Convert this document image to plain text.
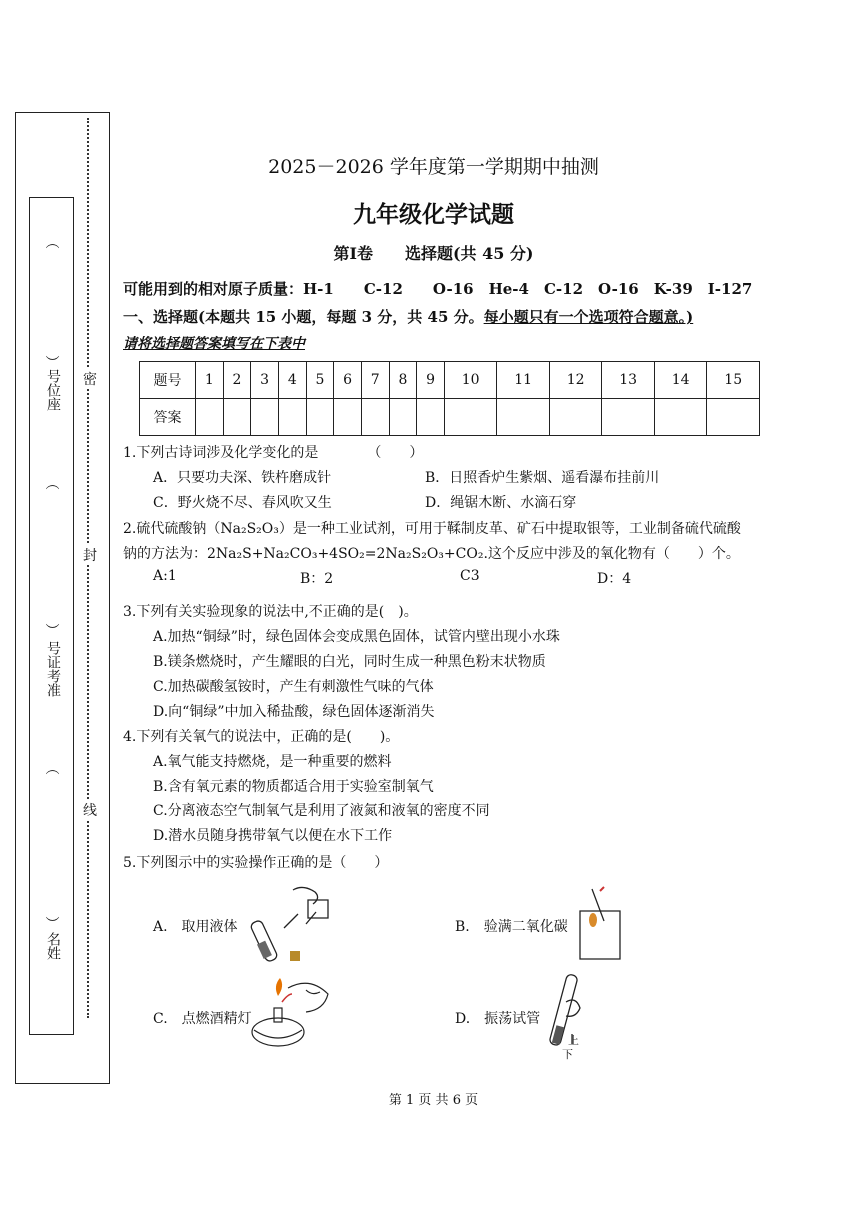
密
封
线
（
）
号位座
（
）
号证考准
（
）
名姓
2025－2026 学年度第一学期期中抽测
九年级化学试题
第Ⅰ卷　　选择题(共 45 分)
可能用到的相对原子质量：H-1　　C-12　　O-16　He-4　C-12　O-16　K-39　I-127
一、选择题(本题共 15 小题，每题 3 分，共 45 分。每小题只有一个选项符合题意。)
请将选择题答案填写在下表中
题号	1	2	3	4	5	6	7	8	9	10	11	12	13	14	15
答案															
1.下列古诗词涉及化学变化的是　　　　（　　）
A．只要功夫深、铁杵磨成针	B．日照香炉生紫烟、遥看瀑布挂前川
C．野火烧不尽、春风吹又生	D．绳锯木断、水滴石穿
2.硫代硫酸钠（Na₂S₂O₃）是一种工业试剂，可用于鞣制皮革、矿石中提取银等，工业制备硫代硫酸
钠的方法为：2Na₂S+Na₂CO₃+4SO₂=2Na₂S₂O₃+CO₂.这个反应中涉及的氧化物有（　　）个。
A:1	B：2	C3	D：4
3.下列有关实验现象的说法中,不正确的是(　)。
A.加热“铜绿”时，绿色固体会变成黑色固体，试管内壁出现小水珠
B.镁条燃烧时，产生耀眼的白光，同时生成一种黑色粉末状物质
C.加热碳酸氢铵时，产生有刺激性气味的气体
D.向“铜绿”中加入稀盐酸，绿色固体逐渐消失
4.下列有关氧气的说法中，正确的是(　　)。
A.氧气能支持燃烧，是一种重要的燃料
B.含有氧元素的物质都适合用于实验室制氧气
C.分离液态空气制氧气是利用了液氮和液氧的密度不同
D.潜水员随身携带氧气以便在水下工作
5.下列图示中的实验操作正确的是（　　）
A.　取用液体	B.　验满二氧化碳
C.　点燃酒精灯	D.　振荡试管
上
下
第 1 页 共 6 页
